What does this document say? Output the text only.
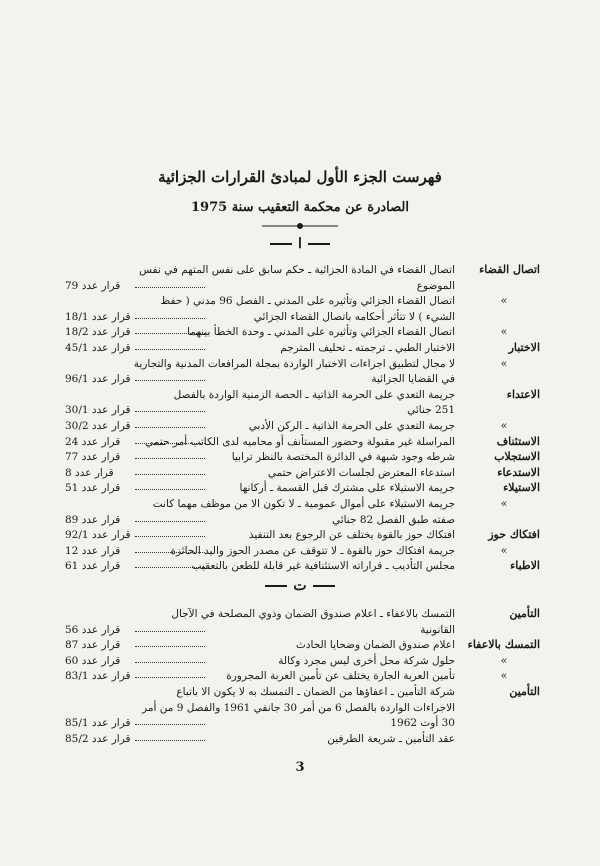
فهرست الجزء الأول لمبادئ القرارات الجزائية
الصادرة عن محكمة التعقيب سنة 1975
ا
اتصال القضاء
اتصال القضاء في المادة الجزائية ـ حكم سابق على نفس المتهم في نفس
الموضوع
قرار عدد 79
»
اتصال القضاء الجزائي وتأثيره على المدني ـ الفصل 96 مدني ( حفظ
الشيء ) لا تتأثر أحكامه باتصال القضاء الجزائي
قرار عدد 18/1
»
اتصال القضاء الجزائي وتأثيره على المدني ـ وحدة الخطأ بينهما
قرار عدد 18/2
الاختبار
الاختبار الطبي ـ ترجمته ـ تحليف المترجم
قرار عدد 45/1
»
لا مجال لتطبيق اجراءات الاختبار الواردة بمجلة المرافعات المدنية والتجارية
في القضايا الجزائية
قرار عدد 96/1
الاعتداء
جريمة التعدي على الحرمة الذاتية ـ الحصة الزمنية الواردة بالفصل
251 جنائي
قرار عدد 30/1
»
جريمة التعدي على الحرمة الذاتية ـ الركن الأدبي
قرار عدد 30/2
الاستئناف
المراسلة غير مقبولة وحضور المستأنف أو محاميه لدى الكاتب أمر حتمي
قرار عدد 24
الاستجلاب
شرطه وجود شبهة في الدائرة المختصة بالنظر ترابيا
قرار عدد 77
الاستدعاء
استدعاء المعترض لجلسات الاعتراض حتمي
قرار عدد 8
الاستيلاء
جريمة الاستيلاء على مشترك قبل القسمة ـ أركانها
قرار عدد 51
»
جريمة الاستيلاء على أموال عمومية ـ لا تكون الا من موظف مهما كانت
صفته طبق الفصل 82 جنائي
قرار عدد 89
افتكاك حوز
افتكاك حوز بالقوة يختلف عن الرجوع بعد التنفيذ
قرار عدد 92/1
»
جريمة افتكاك حوز بالقوة ـ لا تتوقف عن مصدر الحوز واليد الحائزة
قرار عدد 12
الاطباء
مجلس التأديب ـ قراراته الاستئنافية غير قابلة للطعن بالتعقيب
قرار عدد 61
ت
التأمين
التمسك بالاعفاء ـ اعلام صندوق الضمان وذوي المصلحة في الآجال
القانونية
قرار عدد 56
التمسك بالاعفاء
اعلام صندوق الضمان وضحايا الحادث
قرار عدد 87
»
حلول شركة محل أخرى ليس مجرد وكالة
قرار عدد 60
»
تأمين العربة الجارة يختلف عن تأمين العربة المجرورة
قرار عدد 83/1
التأمين
شركة التأمين ـ اعفاؤها من الضمان ـ التمسك به لا يكون الا باتباع
الاجراءات الواردة بالفصل 6 من أمر 30 جانفي 1961 والفصل 9 من أمر
30 أوت 1962
قرار عدد 85/1
عقد التأمين ـ شريعة الطرفين
قرار عدد 85/2
3
